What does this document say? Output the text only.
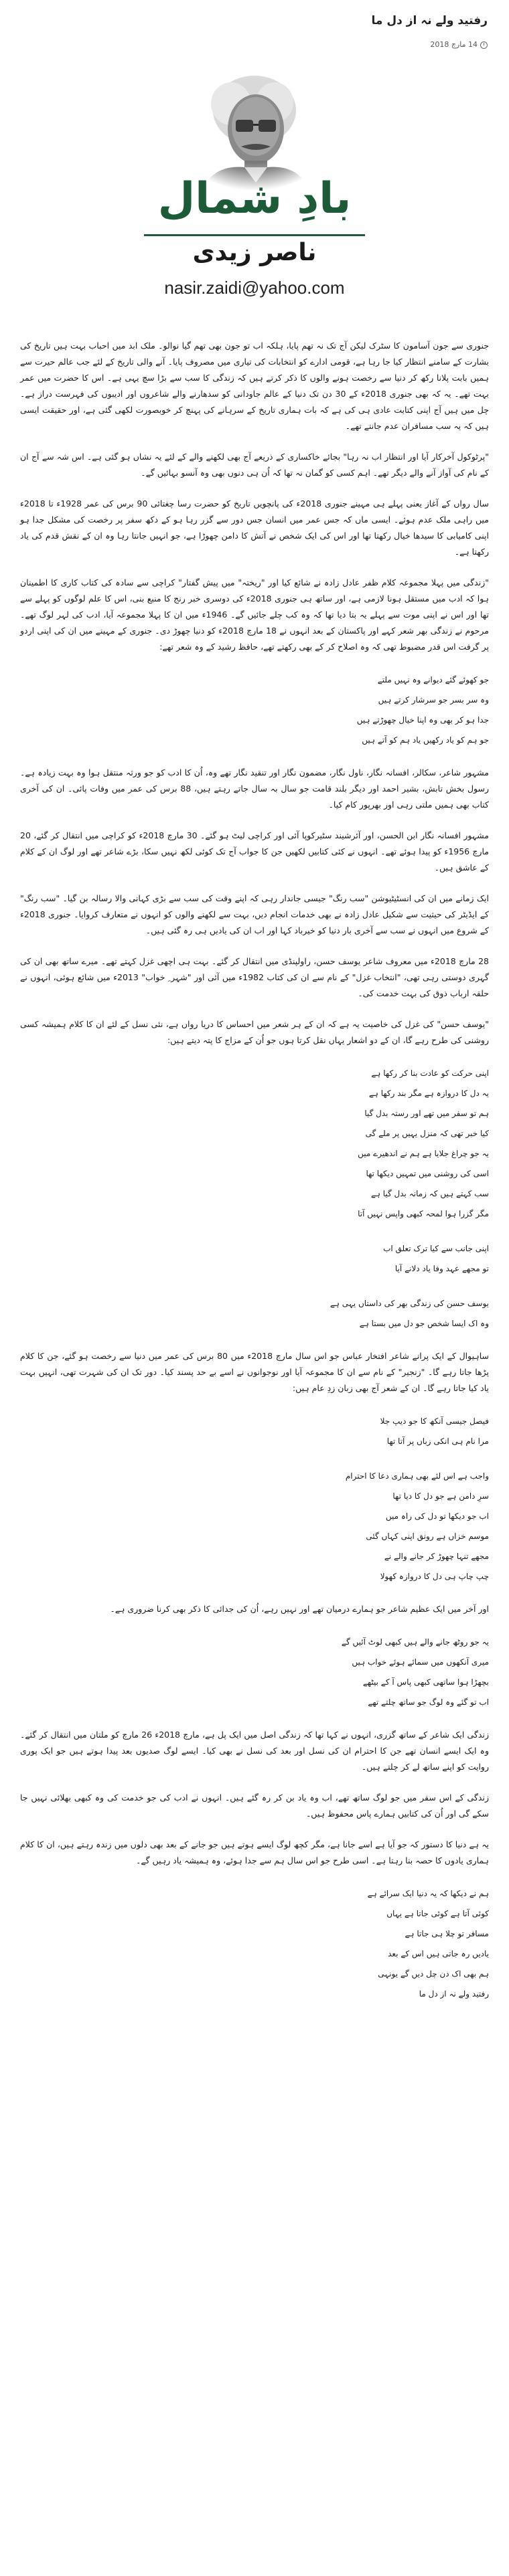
رفتید ولے نہ از دل ما
14 مارچ 2018
بادِ شمال
ناصر زیدی
nasir.zaidi@yahoo.com

جنوری سے جون آسامون کا سٹرک لیکن آج تک نہ تھم پایا، ہلکہ اب تو جون بھی تھم گیا نوالو۔ ملک ابد میں احباب بہت ہیں تاریخ کی بشارت کے سامنے انتظار کیا جا رہا ہے، قومی ادارے کو انتخابات کی تیاری میں مصروف پایا۔ آنے والی تاریخ کے لئے جب عالم حیرت سے ہمیں بابت پلانا رکھ کر دنیا سے رخصت ہونے والوں کا ذکر کرتے ہیں کہ زندگی کا سب سے بڑا سچ یہی ہے۔ اس کا حضرت میں عمر بہت تھے۔ یہ کہ بھی جنوری 2018ء کے 30 دن تک دنیا کے عالم جاودانی کو سدھارنے والے شاعروں اور ادیبوں کی فہرست دراز ہے۔ چل میں ہیں آج اپنی کتابت عادی ہی کی ہے کہ بات ہماری تاریخ کے سرہانے کی پہنچ کر خوبصورت لکھی گئی ہے، اور حقیقت ایسی ہیں کہ یہ سب مسافران عدم جانتے تھے۔

"پرٹوکول آخرکار آیا اور انتظار اب نہ رہا" بجائے خاکساری کے ذریعے آج بھی لکھنے والے کے لئے یہ نشاں ہو گئی ہے۔ اس شہ سے آج ان کے نام کی آواز آنے والے دیگر تھے۔ اہم کسی کو گمان نہ تھا کہ اُن ہی دنوں بھی وہ آنسو بہائیں گے۔

سال رواں کے آغاز یعنی پہلے ہی مہینے جنوری 2018ء کی پانچویں تاریخ کو حضرت رسا چغتائی 90 برس کی عمر 1928ء تا 2018ء میں راہی ملک عدم ہوئے۔ ایسی ماں کہ جس عمر میں انسان جس دور سے گزر رہا ہو کے دکھ سفر پر رخصت کی مشکل جدا ہو اپنی کامیابی کا سیدھا خیال رکھتا تھا اور اس کی ایک شخص نے آتش کا دامن چھوڑا ہے، جو انہیں جانتا رہا وہ ان کے نقش قدم کی یاد رکھتا ہے۔

"زندگی میں پہلا مجموعہ کلام ظفر عادل زادہ نے شائع کیا اور "ریختہ" میں پیش گفتار" کراچی سے سادہ کی کتاب کاری کا اطمینان ہوا کہ ادب میں مستقل ہونا لازمی ہے، اور ساتھ ہی جنوری 2018ء کی دوسری خبر رنج کا منبع بنی، اس کا علم لوگوں کو پہلے سے تھا اور اس نے اپنی موت سے پہلے یہ بتا دیا تھا کہ وہ کب چلے جائیں گے۔ 1946ء میں ان کا پہلا مجموعہ آیا، ادب کی لہر لوگ تھے۔ مرحوم نے زندگی بھر شعر کہے اور پاکستان کے بعد انہوں نے 18 مارچ 2018ء کو دنیا چھوڑ دی۔ جنوری کے مہینے میں ان کی اپنی اردو پر گرفت اس قدر مضبوط تھی کہ وہ اصلاح کر کے بھی رکھتے تھے، حافظ رشید کے وہ شعر تھے:

جو کھوئے گئے دیوانے وہ نہیں ملتے
وہ سر بسر جو سرشار کرتے ہیں
جدا ہو کر بھی وہ اپنا خیال چھوڑتے ہیں
جو ہم کو یاد رکھیں یاد ہم کو آتے ہیں

مشہور شاعر، سکالر، افسانہ نگار، ناول نگار، مضمون نگار اور تنقید نگار تھے وہ، اُن کا ادب کو جو ورثہ منتقل ہوا وہ بہت زیادہ ہے۔ رسول بخش تابش، بشیر احمد اور دیگر بلند قامت جو سال بہ سال جاتے رہتے ہیں، 88 برس کی عمر میں وفات پائی۔ ان کی آخری کتاب بھی ہمیں ملتی رہی اور بھرپور کام کیا۔

مشہور افسانہ نگار ابن الحسن، اور آئرشیند سٹیرکوپا آئی اور کراچی لیٹ ہو گئے۔ 30 مارچ 2018ء کو کراچی میں انتقال کر گئے، 20 مارچ 1956ء کو پیدا ہوئے تھے۔ انہوں نے کئی کتابیں لکھیں جن کا جواب آج تک کوئی لکھ نہیں سکا، بڑے شاعر تھے اور لوگ ان کے کلام کے عاشق ہیں۔

ایک زمانے میں ان کی انسٹیٹیوشن "سب رنگ" جیسی جاندار رہی کہ اپنے وقت کی سب سے بڑی کہانی والا رسالہ بن گیا۔ "سب رنگ" کے ایڈیٹر کی حیثیت سے شکیل عادل زادہ نے بھی خدمات انجام دیں، بہت سے لکھنے والوں کو انہوں نے متعارف کروایا۔ جنوری 2018ء کے شروع میں انہوں نے سب سے آخری بار دنیا کو خیرباد کہا اور اب ان کی یادیں ہی رہ گئی ہیں۔

28 مارچ 2018ء میں معروف شاعر یوسف حسن، راولپنڈی میں انتقال کر گئے۔ بہت ہی اچھی غزل کہتے تھے۔ میرے ساتھ بھی ان کی گہری دوستی رہی تھی، "انتخاب غزل" کے نام سے ان کی کتاب 1982ء میں آئی اور "شہر ِ خواب" 2013ء میں شائع ہوئی، انہوں نے حلقہ ارباب ذوق کی بہت خدمت کی۔

"یوسف حسن" کی غزل کی خاصیت یہ ہے کہ ان کے ہر شعر میں احساس کا دریا رواں ہے، نئی نسل کے لئے ان کا کلام ہمیشہ کسی روشنی کی طرح رہے گا، ان کے دو اشعار یہاں نقل کرتا ہوں جو اُن کے مزاج کا پتہ دیتے ہیں:

اپنی حرکت کو عادت بنا کر رکھا ہے
یہ دل کا دروازہ ہے مگر بند رکھا ہے
ہم تو سفر میں تھے اور رستہ بدل گیا
کیا خبر تھی کہ منزل یہیں پر ملے گی
یہ جو چراغ جلایا ہے ہم نے اندھیرے میں
اسی کی روشنی میں تمہیں دیکھا تھا
سب کہتے ہیں کہ زمانہ بدل گیا ہے
مگر گزرا ہوا لمحہ کبھی واپس نہیں آتا
اپنی جانب سے کیا ترک تعلق اب
تو مجھے عہد وفا یاد دلانے آیا
یوسف حسن کی زندگی بھر کی داستاں یہی ہے
وہ اک ایسا شخص جو دل میں بستا ہے

ساہیوال کے ایک پرانے شاعر افتخار عباس جو اس سال مارچ 2018ء میں 80 برس کی عمر میں دنیا سے رخصت ہو گئے، جن کا کلام پڑھا جاتا رہے گا۔ "زنجیر" کے نام سے ان کا مجموعہ آیا اور نوجوانوں نے اسے بے حد پسند کیا۔ دور تک ان کی شہرت تھی، انہیں بہت یاد کیا جاتا رہے گا۔ ان کے شعر آج بھی زبان زدِ عام ہیں:

فیصل جیسی آنکھ کا جو دیپ جلا
مرا نام ہی انکی زباں پر آتا تھا
واجب ہے اس لئے بھی ہماری دعا کا احترام
سرِ دامن ہے جو دل کا دیا تھا
اب جو دیکھا تو دل کی راہ میں
موسم خزاں ہے رونق اپنی کہاں گئی
مجھے تنہا چھوڑ کر جانے والے نے
چپ چاپ ہی دل کا دروازہ کھولا

اور آخر میں ایک عظیم شاعر جو ہمارے درمیان تھے اور نہیں رہے، اُن کی جدائی کا ذکر بھی کرنا ضروری ہے۔

یہ جو روٹھ جانے والے ہیں کبھی لوٹ آئیں گے
میری آنکھوں میں سمائے ہوئے خواب ہیں
بچھڑا ہوا ساتھی کبھی پاس آ کے بیٹھے
اب تو گئے وہ لوگ جو ساتھ چلتے تھے

زندگی ایک شاعر کے ساتھ گزری، انہوں نے کہا تھا کہ زندگی اصل میں ایک پل ہے، مارچ 2018ء 26 مارچ کو ملتان میں انتقال کر گئے۔ وہ ایک ایسے انسان تھے جن کا احترام ان کی نسل اور بعد کی نسل نے بھی کیا۔ ایسے لوگ صدیوں بعد پیدا ہوتے ہیں جو ایک پوری روایت کو اپنے ساتھ لے کر چلتے ہیں۔

زندگی کے اس سفر میں جو لوگ ساتھ تھے، اب وہ یاد بن کر رہ گئے ہیں۔ انہوں نے ادب کی جو خدمت کی وہ کبھی بھلائی نہیں جا سکے گی اور اُن کی کتابیں ہمارے پاس محفوظ ہیں۔

یہ ہے دنیا کا دستور کہ جو آیا ہے اسے جانا ہے، مگر کچھ لوگ ایسے ہوتے ہیں جو جانے کے بعد بھی دلوں میں زندہ رہتے ہیں، ان کا کلام ہماری یادوں کا حصہ بنا رہتا ہے۔ اسی طرح جو اس سال ہم سے جدا ہوئے، وہ ہمیشہ یاد رہیں گے۔

ہم نے دیکھا کہ یہ دنیا ایک سرائے ہے
کوئی آتا ہے کوئی جاتا ہے یہاں
مسافر تو چلا ہی جاتا ہے
یادیں رہ جاتی ہیں اس کے بعد
ہم بھی اک دن چل دیں گے یونہی
رفتید ولے نہ از دل ما
